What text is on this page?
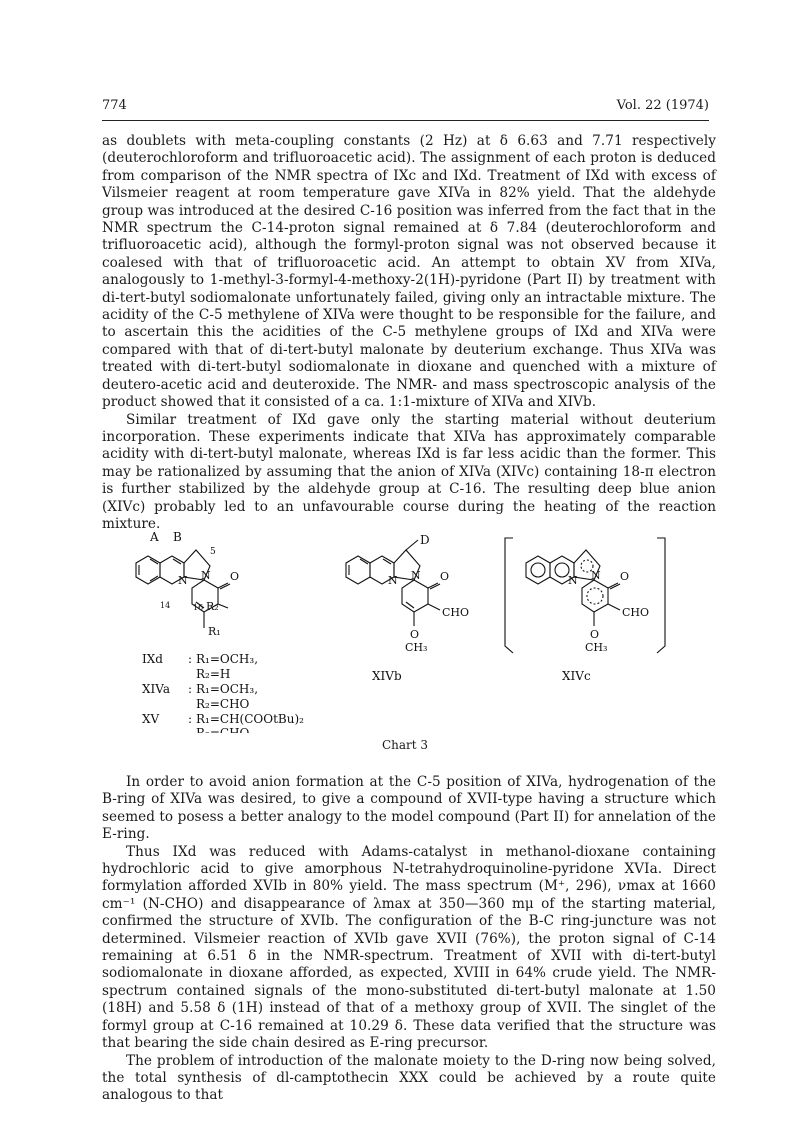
774	Vol. 22 (1974)

as doublets with meta-coupling constants (2 Hz) at δ 6.63 and 7.71 respectively (deuterochloroform and trifluoroacetic acid). The assignment of each proton is deduced from comparison of the NMR spectra of IXc and IXd. Treatment of IXd with excess of Vilsmeier reagent at room temperature gave XIVa in 82% yield. That the aldehyde group was introduced at the desired C-16 position was inferred from the fact that in the NMR spectrum the C-14-proton signal remained at δ 7.84 (deuterochloroform and trifluoroacetic acid), although the formyl-proton signal was not observed because it coalesed with that of trifluoroacetic acid. An attempt to obtain XV from XIVa, analogously to 1-methyl-3-formyl-4-methoxy-2(1H)-pyridone (Part II) by treatment with di-tert-butyl sodiomalonate unfortunately failed, giving only an intractable mixture. The acidity of the C-5 methylene of XIVa were thought to be responsible for the failure, and to ascertain this the acidities of the C-5 methylene groups of IXd and XIVa were compared with that of di-tert-butyl malonate by deuterium exchange. Thus XIVa was treated with di-tert-butyl sodiomalonate in dioxane and quenched with a mixture of deutero-acetic acid and deuteroxide. The NMR- and mass spectroscopic analysis of the product showed that it consisted of a ca. 1:1-mixture of XIVa and XIVb.

Similar treatment of IXd gave only the starting material without deuterium incorporation. These experiments indicate that XIVa has approximately comparable acidity with di-tert-butyl malonate, whereas IXd is far less acidic than the former. This may be rationalized by assuming that the anion of XIVa (XIVc) containing 18-π electron is further stabilized by the aldehyde group at C-16. The resulting deep blue anion (XIVc) probably led to an unfavourable course during the heating of the reaction mixture.

A B
5
N N O
14	16 R₂
R₁
D
N N O
CHO
O
CH₃
N N O
CHO
O
CH₃
IXd : R₁=OCH₃,
R₂=H
XIVa : R₁=OCH₃,
R₂=CHO
XV : R₁=CH(COOtBu)₂
R₂=CHO
XIVb	XIVc
Chart 3

In order to avoid anion formation at the C-5 position of XIVa, hydrogenation of the B-ring of XIVa was desired, to give a compound of XVII-type having a structure which seemed to posess a better analogy to the model compound (Part II) for annelation of the E-ring.

Thus IXd was reduced with Adams-catalyst in methanol-dioxane containing hydrochloric acid to give amorphous N-tetrahydroquinoline-pyridone XVIa. Direct formylation afforded XVIb in 80% yield. The mass spectrum (M⁺, 296), νmax at 1660 cm⁻¹ (N-CHO) and disappearance of λmax at 350—360 mμ of the starting material, confirmed the structure of XVIb. The configuration of the B-C ring-juncture was not determined. Vilsmeier reaction of XVIb gave XVII (76%), the proton signal of C-14 remaining at 6.51 δ in the NMR-spectrum. Treatment of XVII with di-tert-butyl sodiomalonate in dioxane afforded, as expected, XVIII in 64% crude yield. The NMR-spectrum contained signals of the mono-substituted di-tert-butyl malonate at 1.50 (18H) and 5.58 δ (1H) instead of that of a methoxy group of XVII. The singlet of the formyl group at C-16 remained at 10.29 δ. These data verified that the structure was that bearing the side chain desired as E-ring precursor.

The problem of introduction of the malonate moiety to the D-ring now being solved, the total synthesis of dl-camptothecin XXX could be achieved by a route quite analogous to that
